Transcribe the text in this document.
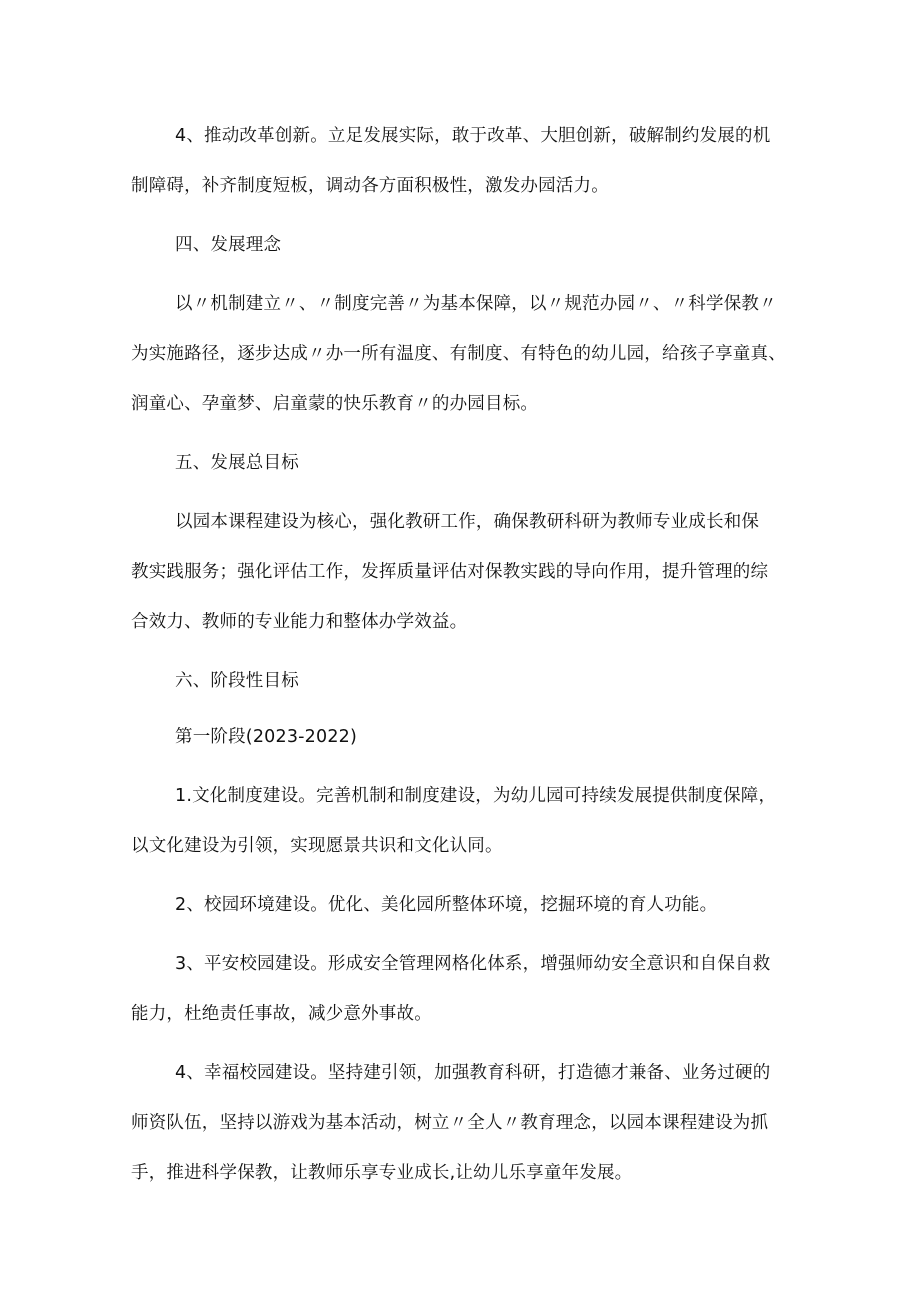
4、推动改革创新。立足发展实际，敢于改革、大胆创新，破解制约发展的机
制障碍，补齐制度短板，调动各方面积极性，激发办园活力。
四、发展理念
以〃机制建立〃、〃制度完善〃为基本保障，以〃规范办园〃、〃科学保教〃
为实施路径，逐步达成〃办一所有温度、有制度、有特色的幼儿园，给孩子享童真、
润童心、孕童梦、启童蒙的快乐教育〃的办园目标。
五、发展总目标
以园本课程建设为核心，强化教研工作，确保教研科研为教师专业成长和保
教实践服务；强化评估工作，发挥质量评估对保教实践的导向作用，提升管理的综
合效力、教师的专业能力和整体办学效益。
六、阶段性目标
第一阶段(2023-2022)
1.文化制度建设。完善机制和制度建设，为幼儿园可持续发展提供制度保障，
以文化建设为引领，实现愿景共识和文化认同。
2、校园环境建设。优化、美化园所整体环境，挖掘环境的育人功能。
3、平安校园建设。形成安全管理网格化体系，增强师幼安全意识和自保自救
能力，杜绝责任事故，减少意外事故。
4、幸福校园建设。坚持建引领，加强教育科研，打造德才兼备、业务过硬的
师资队伍，坚持以游戏为基本活动，树立〃全人〃教育理念，以园本课程建设为抓
手，推进科学保教，让教师乐享专业成长,让幼儿乐享童年发展。
